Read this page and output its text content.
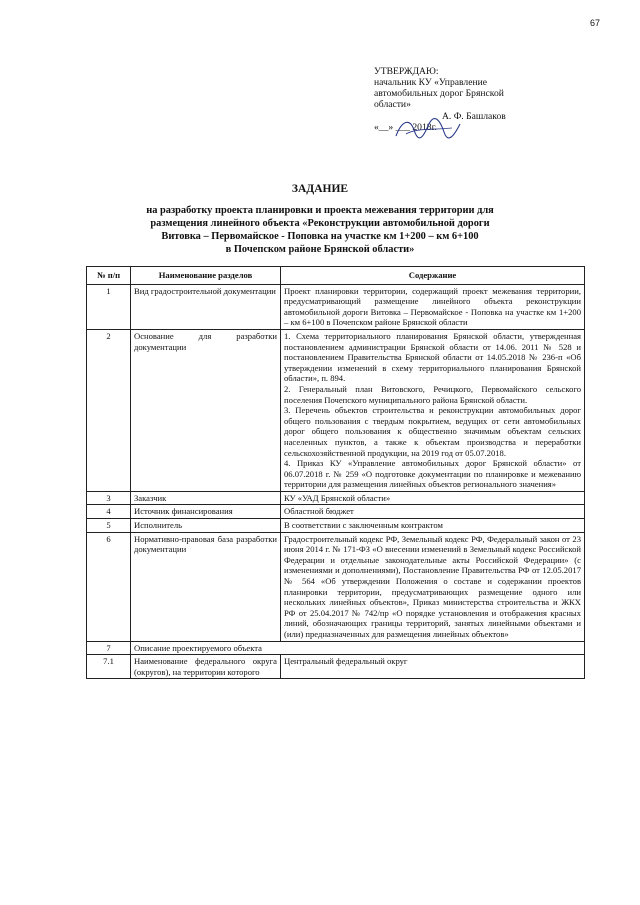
67
УТВЕРЖДАЮ:
начальник КУ «Управление
автомобильных дорог Брянской
области»
А. Ф. Башлаков
«__» ___ 2018г.
ЗАДАНИЕ
на разработку проекта планировки и проекта межевания территории для
размещения линейного объекта «Реконструкции автомобильной дороги
Витовка – Первомайское - Поповка на участке км 1+200 – км 6+100
в Почепском районе Брянской области»
№ п/п	Наименование разделов	Содержание
1	Вид градостроительной документации	Проект планировки территории, содержащий проект межевания территории, предусматривающий размещение линейного объекта реконструкции автомобильной дороги Витовка – Первомайское - Поповка на участке км 1+200 – км 6+100 в Почепском районе Брянской области
2	Основание для разработки документации	1. Схема территориального планирования Брянской области, утвержденная постановлением администрации Брянской области от 14.06. 2011 № 528 и постановлением Правительства Брянской области от 14.05.2018 № 236-п «Об утверждении изменений в схему территориального планирования Брянской области», п. 894.
2. Генеральный план Витовского, Речицкого, Первомайского сельского поселения Почепского муниципального района Брянской области.
3. Перечень объектов строительства и реконструкции автомобильных дорог общего пользования с твердым покрытием, ведущих от сети автомобильных дорог общего пользования к общественно значимым объектам сельских населенных пунктов, а также к объектам производства и переработки сельскохозяйственной продукции, на 2019 год от 05.07.2018.
4. Приказ КУ «Управление автомобильных дорог Брянской области» от 06.07.2018 г. № 259 «О подготовке документации по планировке и межеванию территории для размещения линейных объектов регионального значения»

3	Заказчик	КУ «УАД Брянской области»
4	Источник финансирования	Областной бюджет
5	Исполнитель	В соответствии с заключенным контрактом
6	Нормативно-правовая база разработки документации	Градостроительный кодекс РФ, Земельный кодекс РФ, Федеральный закон от 23 июня 2014 г. № 171-ФЗ «О внесении изменений в Земельный кодекс Российской Федерации и отдельные законодательные акты Российской Федерации» (с изменениями и дополнениями), Постановление Правительства РФ от 12.05.2017 № 564 «Об утверждении Положения о составе и содержании проектов планировки территории, предусматривающих размещение одного или нескольких линейных объектов», Приказ министерства строительства и ЖКХ РФ от 25.04.2017 № 742/пр «О порядке установления и отображения красных линий, обозначающих границы территорий, занятых линейными объектами и (или) предназначенных для размещения линейных объектов»
7	Описание проектируемого объекта	
7.1	Наименование федерального округа (округов), на территории которого	Центральный федеральный округ
